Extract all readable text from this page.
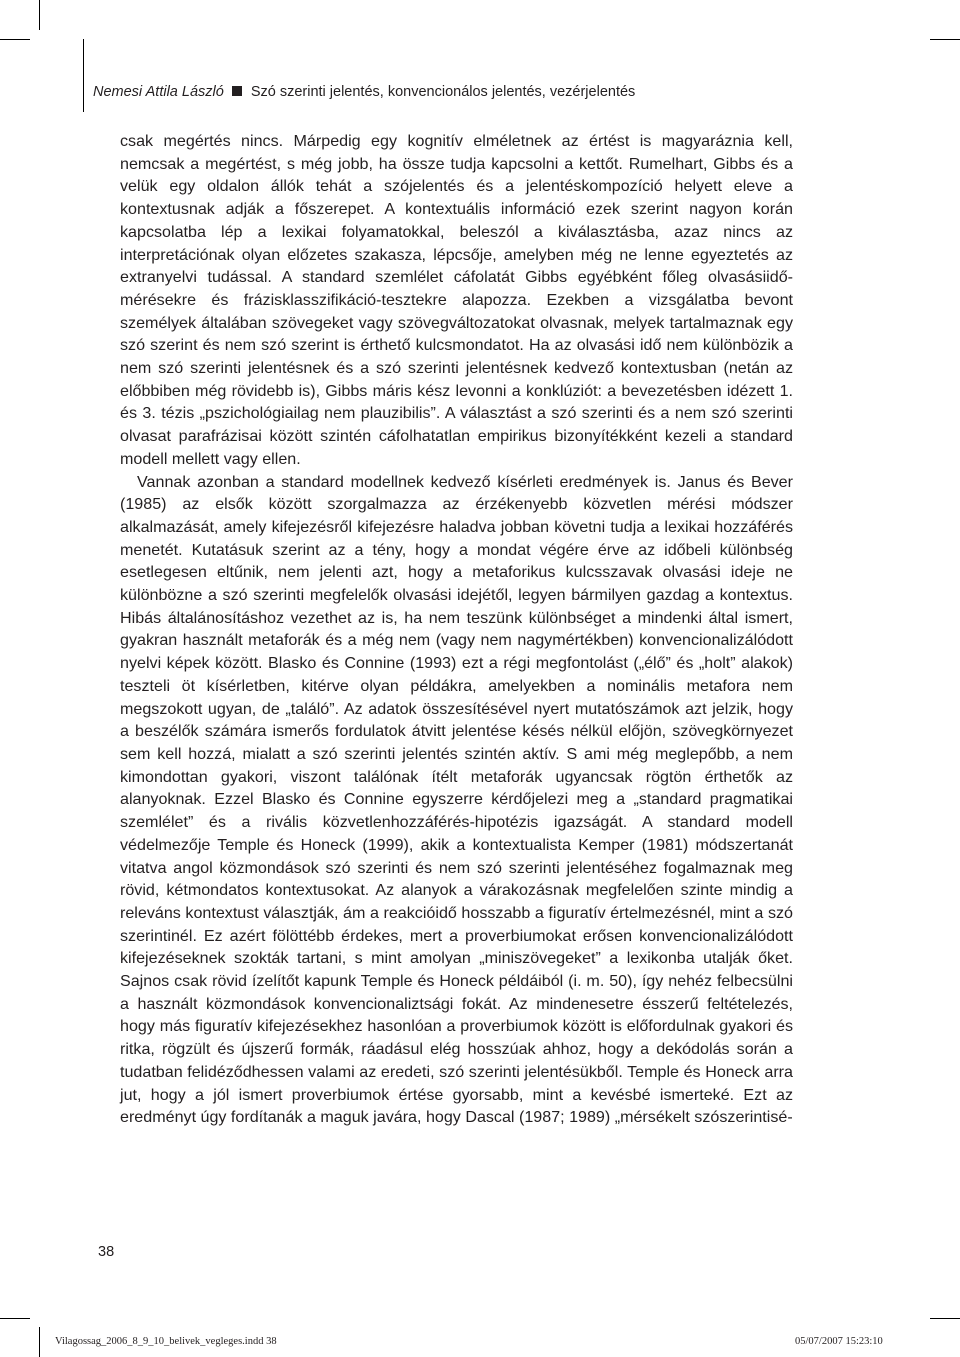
Nemesi Attila László Szó szerinti jelentés, konvencionálos jelentés, vezérjelentés

csak megértés nincs. Márpedig egy kognitív elméletnek az értést is magyaráznia kell, nemcsak a megértést, s még jobb, ha össze tudja kapcsolni a kettőt. Rumelhart, Gibbs és a velük egy oldalon állók tehát a szójelentés és a jelentéskompozíció helyett eleve a kontextusnak adják a főszerepet. A kontextuális információ ezek szerint nagyon korán kapcsolatba lép a lexikai folyamatokkal, beleszól a kiválasztásba, azaz nincs az interpretációnak olyan előzetes szakasza, lépcsője, amelyben még ne lenne egyeztetés az extranyelvi tudással. A standard szemlélet cáfolatát Gibbs egyébként főleg olvasásiidő-mérésekre és frázisklasszifikáció-tesztekre alapozza. Ezekben a vizsgálatba bevont személyek általában szövegeket vagy szövegváltozatokat olvasnak, melyek tartalmaznak egy szó szerint és nem szó szerint is érthető kulcsmondatot. Ha az olvasási idő nem különbözik a nem szó szerinti jelentésnek és a szó szerinti jelentésnek kedvező kontextusban (netán az előbbiben még rövidebb is), Gibbs máris kész levonni a konklúziót: a bevezetésben idézett 1. és 3. tézis „pszichológiailag nem plauzibilis”. A választást a szó szerinti és a nem szó szerinti olvasat parafrázisai között szintén cáfolhatatlan empirikus bizonyítékként kezeli a standard modell mellett vagy ellen.

Vannak azonban a standard modellnek kedvező kísérleti eredmények is. Janus és Bever (1985) az elsők között szorgalmazza az érzékenyebb közvetlen mérési módszer alkalmazását, amely kifejezésről kifejezésre haladva jobban követni tudja a lexikai hozzáférés menetét. Kutatásuk szerint az a tény, hogy a mondat végére érve az időbeli különbség esetlegesen eltűnik, nem jelenti azt, hogy a metaforikus kulcsszavak olvasási ideje ne különbözne a szó szerinti megfelelők olvasási idejétől, legyen bármilyen gazdag a kontextus. Hibás általánosításhoz vezethet az is, ha nem teszünk különbséget a mindenki által ismert, gyakran használt metaforák és a még nem (vagy nem nagymértékben) konvencionalizálódott nyelvi képek között. Blasko és Connine (1993) ezt a régi megfontolást („élő” és „holt” alakok) teszteli öt kísérletben, kitérve olyan példákra, amelyekben a nominális metafora nem megszokott ugyan, de „találó”. Az adatok összesítésével nyert mutatószámok azt jelzik, hogy a beszélők számára ismerős fordulatok átvitt jelentése késés nélkül előjön, szövegkörnyezet sem kell hozzá, mialatt a szó szerinti jelentés szintén aktív. S ami még meglepőbb, a nem kimondottan gyakori, viszont találónak ítélt metaforák ugyancsak rögtön érthetők az alanyoknak. Ezzel Blasko és Connine egyszerre kérdőjelezi meg a „standard pragmatikai szemlélet” és a rivális közvetlenhozzáférés-hipotézis igazságát. A standard modell védelmezője Temple és Honeck (1999), akik a kontextualista Kemper (1981) módszertanát vitatva angol közmondások szó szerinti és nem szó szerinti jelentéséhez fogalmaznak meg rövid, kétmondatos kontextusokat. Az alanyok a várakozásnak megfelelően szinte mindig a releváns kontextust választják, ám a reakcióidő hosszabb a figuratív értelmezésnél, mint a szó szerintinél. Ez azért fölöttébb érdekes, mert a proverbiumokat erősen konvencionalizálódott kifejezéseknek szokták tartani, s mint amolyan „miniszövegeket” a lexikonba utalják őket. Sajnos csak rövid ízelítőt kapunk Temple és Honeck példáiból (i. m. 50), így nehéz felbecsülni a használt közmondások konvencionaliztsági fokát. Az mindenesetre ésszerű feltételezés, hogy más figuratív kifejezésekhez hasonlóan a proverbiumok között is előfordulnak gyakori és ritka, rögzült és újszerű formák, ráadásul elég hosszúak ahhoz, hogy a dekódolás során a tudatban felidéződhessen valami az eredeti, szó szerinti jelentésükből. Temple és Honeck arra jut, hogy a jól ismert proverbiumok értése gyorsabb, mint a kevésbé ismerteké. Ezt az eredményt úgy fordítanák a maguk javára, hogy Dascal (1987; 1989) „mérsékelt szószerintisé-

38
Vilagossag_2006_8_9_10_belivek_vegleges.indd 38	05/07/2007 15:23:10
